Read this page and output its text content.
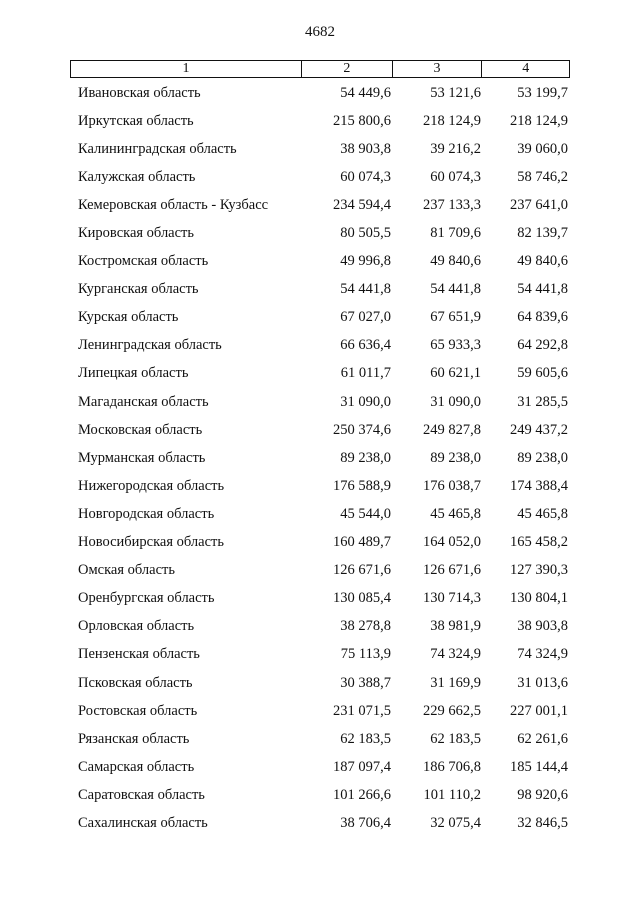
4682
1	2	3	4
Ивановская область	54 449,6	53 121,6	53 199,7
Иркутская область	215 800,6	218 124,9	218 124,9
Калининградская область	38 903,8	39 216,2	39 060,0
Калужская область	60 074,3	60 074,3	58 746,2
Кемеровская область - Кузбасс	234 594,4	237 133,3	237 641,0
Кировская область	80 505,5	81 709,6	82 139,7
Костромская область	49 996,8	49 840,6	49 840,6
Курганская область	54 441,8	54 441,8	54 441,8
Курская область	67 027,0	67 651,9	64 839,6
Ленинградская область	66 636,4	65 933,3	64 292,8
Липецкая область	61 011,7	60 621,1	59 605,6
Магаданская область	31 090,0	31 090,0	31 285,5
Московская область	250 374,6	249 827,8	249 437,2
Мурманская область	89 238,0	89 238,0	89 238,0
Нижегородская область	176 588,9	176 038,7	174 388,4
Новгородская область	45 544,0	45 465,8	45 465,8
Новосибирская область	160 489,7	164 052,0	165 458,2
Омская область	126 671,6	126 671,6	127 390,3
Оренбургская область	130 085,4	130 714,3	130 804,1
Орловская область	38 278,8	38 981,9	38 903,8
Пензенская область	75 113,9	74 324,9	74 324,9
Псковская область	30 388,7	31 169,9	31 013,6
Ростовская область	231 071,5	229 662,5	227 001,1
Рязанская область	62 183,5	62 183,5	62 261,6
Самарская область	187 097,4	186 706,8	185 144,4
Саратовская область	101 266,6	101 110,2	98 920,6
Сахалинская область	38 706,4	32 075,4	32 846,5
